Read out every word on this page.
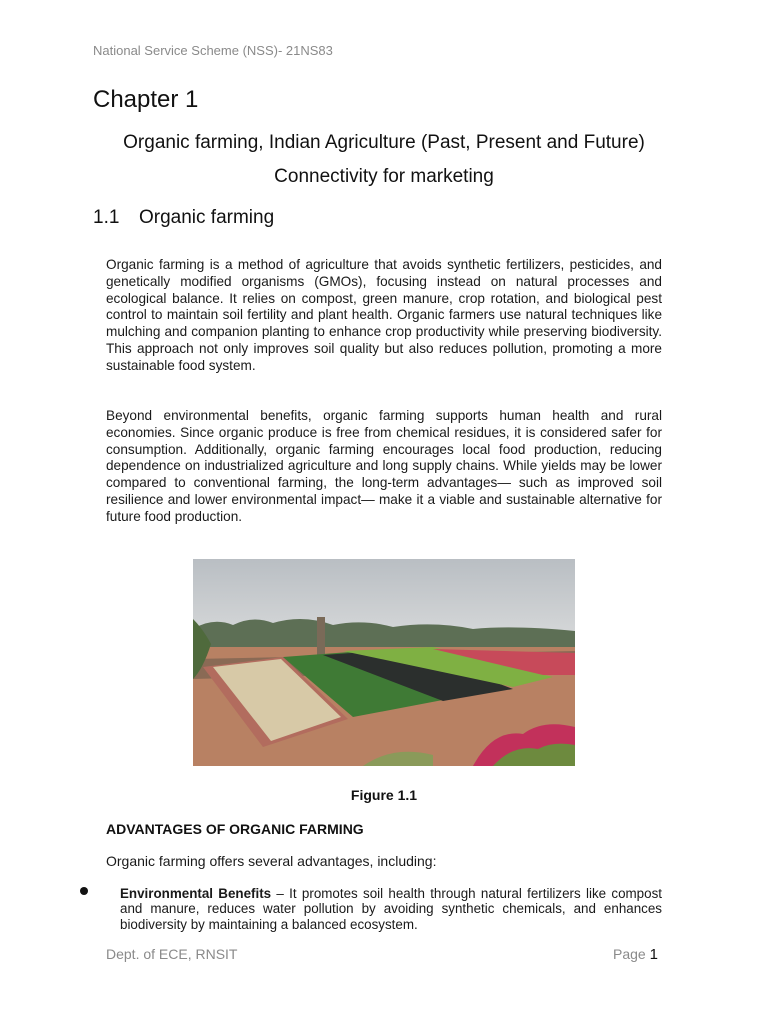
National Service Scheme (NSS)- 21NS83
Chapter 1
Organic farming, Indian Agriculture (Past, Present and Future)
Connectivity for marketing
1.1 Organic farming
Organic farming is a method of agriculture that avoids synthetic fertilizers, pesticides, and genetically modified organisms (GMOs), focusing instead on natural processes and ecological balance. It relies on compost, green manure, crop rotation, and biological pest control to maintain soil fertility and plant health. Organic farmers use natural techniques like mulching and companion planting to enhance crop productivity while preserving biodiversity. This approach not only improves soil quality but also reduces pollution, promoting a more sustainable food system.
Beyond environmental benefits, organic farming supports human health and rural economies. Since organic produce is free from chemical residues, it is considered safer for consumption. Additionally, organic farming encourages local food production, reducing dependence on industrialized agriculture and long supply chains. While yields may be lower compared to conventional farming, the long-term advantages— such as improved soil resilience and lower environmental impact— make it a viable and sustainable alternative for future food production.
Figure 1.1
ADVANTAGES OF ORGANIC FARMING
Organic farming offers several advantages, including:
Environmental Benefits – It promotes soil health through natural fertilizers like compost and manure, reduces water pollution by avoiding synthetic chemicals, and enhances biodiversity by maintaining a balanced ecosystem.
Dept. of ECE, RNSIT	Page 1
